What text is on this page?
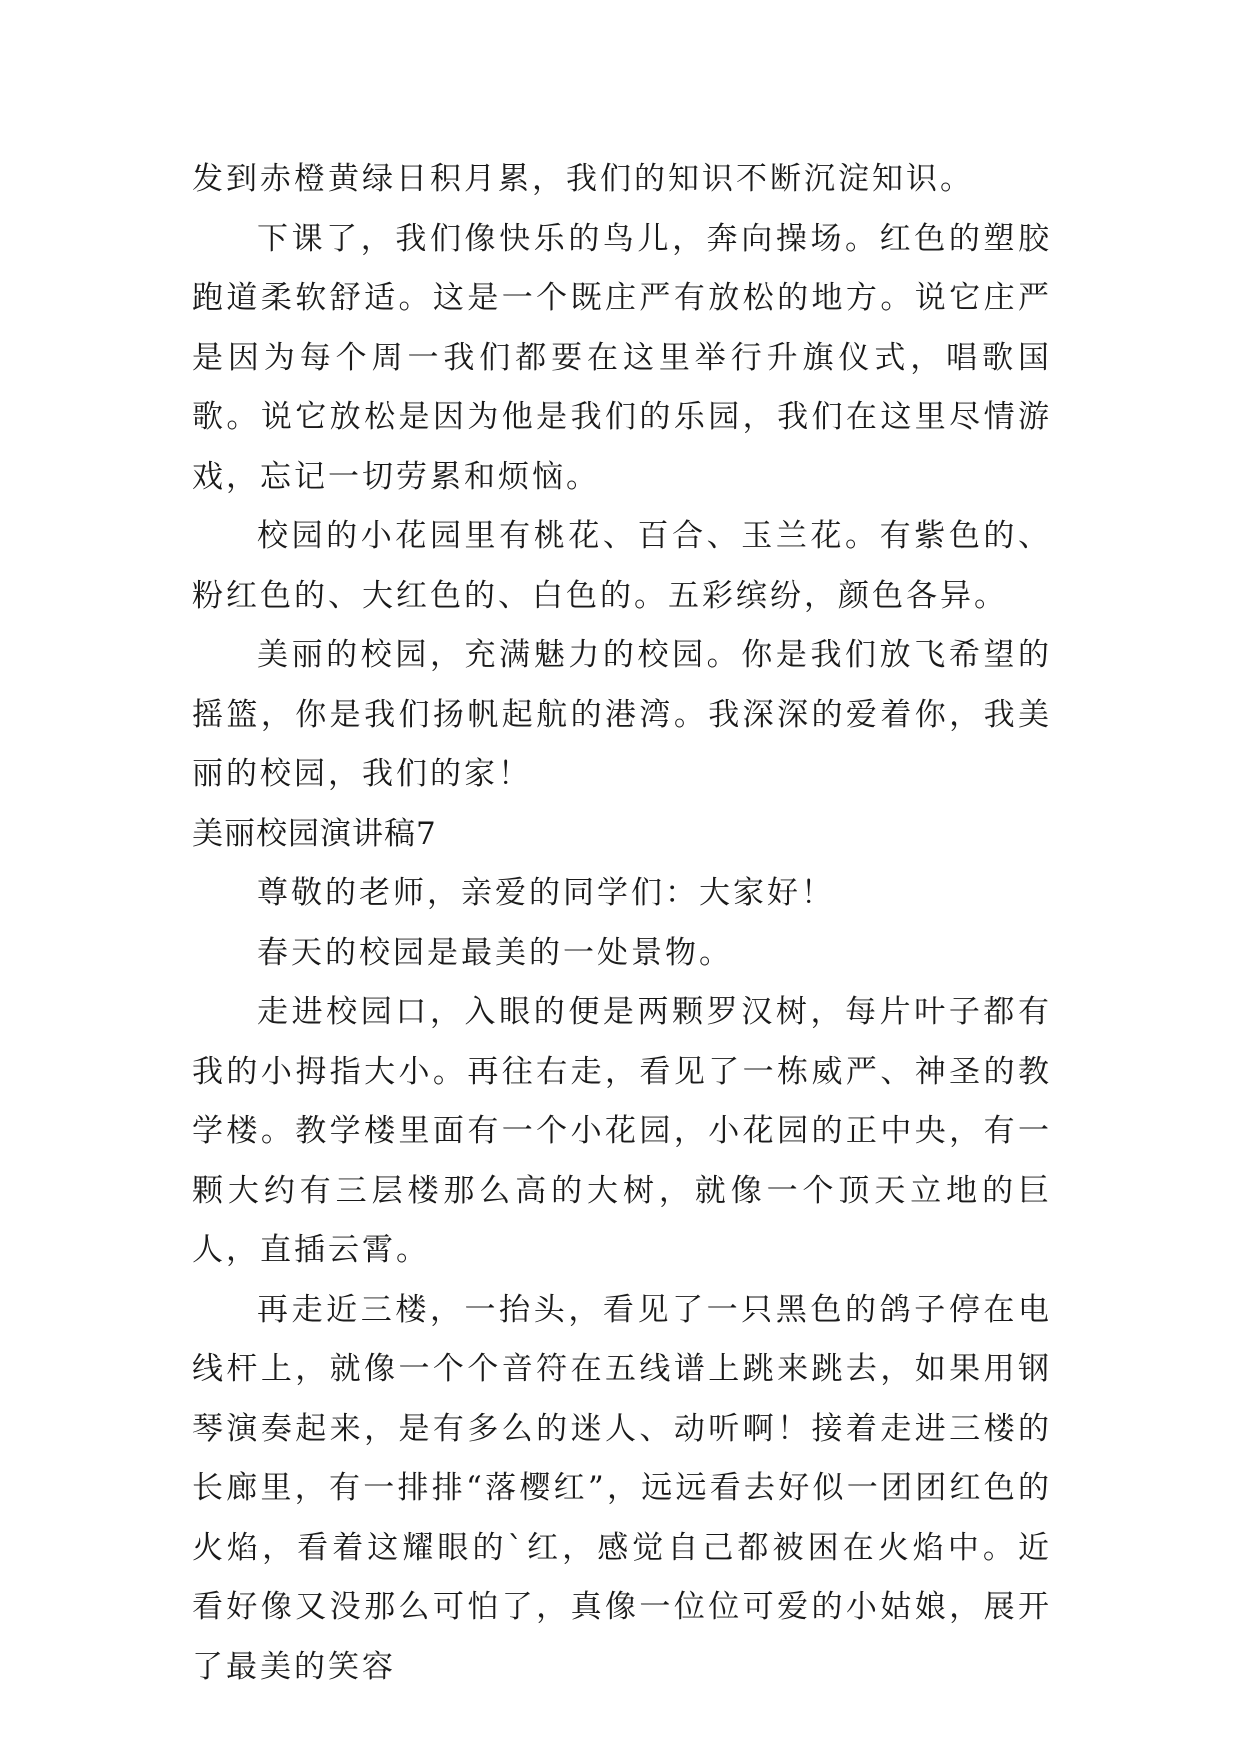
发到赤橙黄绿日积月累，我们的知识不断沉淀知识。

下课了，我们像快乐的鸟儿，奔向操场。红色的塑胶跑道柔软舒适。这是一个既庄严有放松的地方。说它庄严是因为每个周一我们都要在这里举行升旗仪式，唱歌国歌。说它放松是因为他是我们的乐园，我们在这里尽情游戏，忘记一切劳累和烦恼。

校园的小花园里有桃花、百合、玉兰花。有紫色的、粉红色的、大红色的、白色的。五彩缤纷，颜色各异。

美丽的校园，充满魅力的校园。你是我们放飞希望的摇篮，你是我们扬帆起航的港湾。我深深的爱着你，我美丽的校园，我们的家！

美丽校园演讲稿7

尊敬的老师，亲爱的同学们：大家好！

春天的校园是最美的一处景物。

走进校园口，入眼的便是两颗罗汉树，每片叶子都有我的小拇指大小。再往右走，看见了一栋威严、神圣的教学楼。教学楼里面有一个小花园，小花园的正中央，有一颗大约有三层楼那么高的大树，就像一个顶天立地的巨人，直插云霄。

再走近三楼，一抬头，看见了一只黑色的鸽子停在电线杆上，就像一个个音符在五线谱上跳来跳去，如果用钢琴演奏起来，是有多么的迷人、动听啊！接着走进三楼的长廊里，有一排排“落樱红”，远远看去好似一团团红色的火焰，看着这耀眼的`红，感觉自己都被困在火焰中。近看好像又没那么可怕了，真像一位位可爱的小姑娘，展开了最美的笑容
